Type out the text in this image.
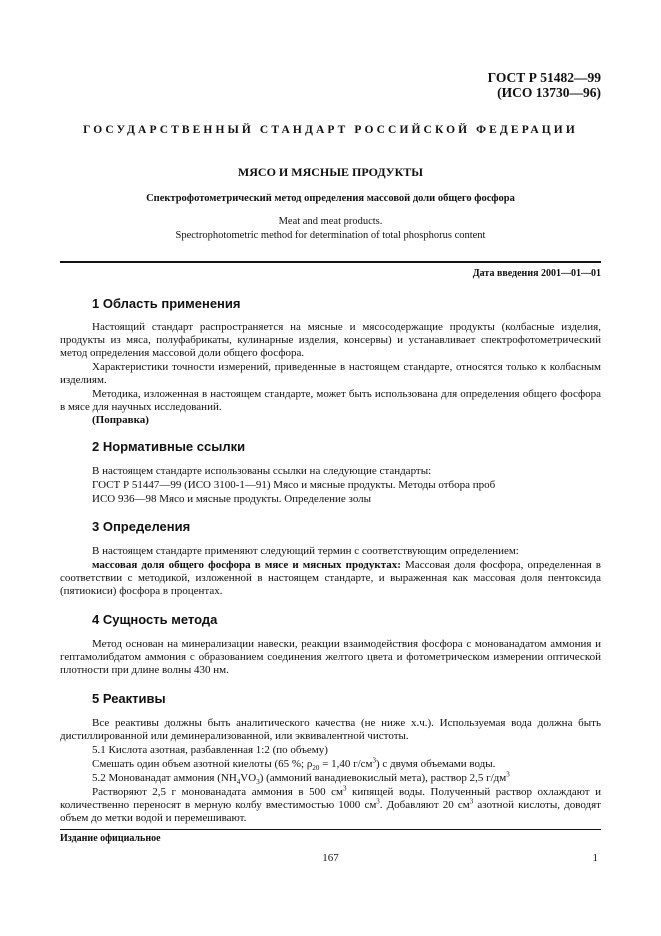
ГОСТ Р 51482—99
(ИСО 13730—96)
ГОСУДАРСТВЕННЫЙ СТАНДАРТ РОССИЙСКОЙ ФЕДЕРАЦИИ
МЯСО И МЯСНЫЕ ПРОДУКТЫ
Спектрофотометрический метод определения массовой доли общего фосфора
Meat and meat products.
Spectrophotometric method for determination of total phosphorus content
Дата введения 2001—01—01
1 Область применения

Настоящий стандарт распространяется на мясные и мясосодержащие продукты (колбасные изделия, продукты из мяса, полуфабрикаты, кулинарные изделия, консервы) и устанавливает спектрофотометрический метод определения массовой доли общего фосфора.

Характеристики точности измерений, приведенные в настоящем стандарте, относятся только к колбасным изделиям.

Методика, изложенная в настоящем стандарте, может быть использована для определения общего фосфора в мясе для научных исследований.

(Поправка)

2 Нормативные ссылки

В настоящем стандарте использованы ссылки на следующие стандарты:

ГОСТ Р 51447—99 (ИСО 3100-1—91) Мясо и мясные продукты. Методы отбора проб

ИСО 936—98 Мясо и мясные продукты. Определение золы

3 Определения

В настоящем стандарте применяют следующий термин с соответствующим определением:

массовая доля общего фосфора в мясе и мясных продуктах: Массовая доля фосфора, определенная в соответствии с методикой, изложенной в настоящем стандарте, и выраженная как массовая доля пентоксида (пятиокиси) фосфора в процентах.

4 Сущность метода

Метод основан на минерализации навески, реакции взаимодействия фосфора с монованадатом аммония и гептамолибдатом аммония с образованием соединения желтого цвета и фотометрическом измерении оптической плотности при длине волны 430 нм.

5 Реактивы

Все реактивы должны быть аналитического качества (не ниже х.ч.). Используемая вода должна быть дистиллированной или деминерализованной, или эквивалентной чистоты.

5.1 Кислота азотная, разбавленная 1:2 (по объему)

Смешать один объем азотной киелоты (65 %; $\rho_{20} = 1,40$ $г/см^3$) с двумя объемами воды.

5.2 Монованадат аммония $(NH_4VO_3)$ (аммоний ванадиевокислый мета), раствор 2,5 $г/дм^3$

Растворяют 2,5 г монованадата аммония в 500 $см^3$ кипящей воды. Полученный раствор охлаждают и количественно переносят в мерную колбу вместимостью 1000 $см^3$. Добавляют 20 $см^3$ азотной кислоты, доводят объем до метки водой и перемешивают.

Издание официальное
167	1
